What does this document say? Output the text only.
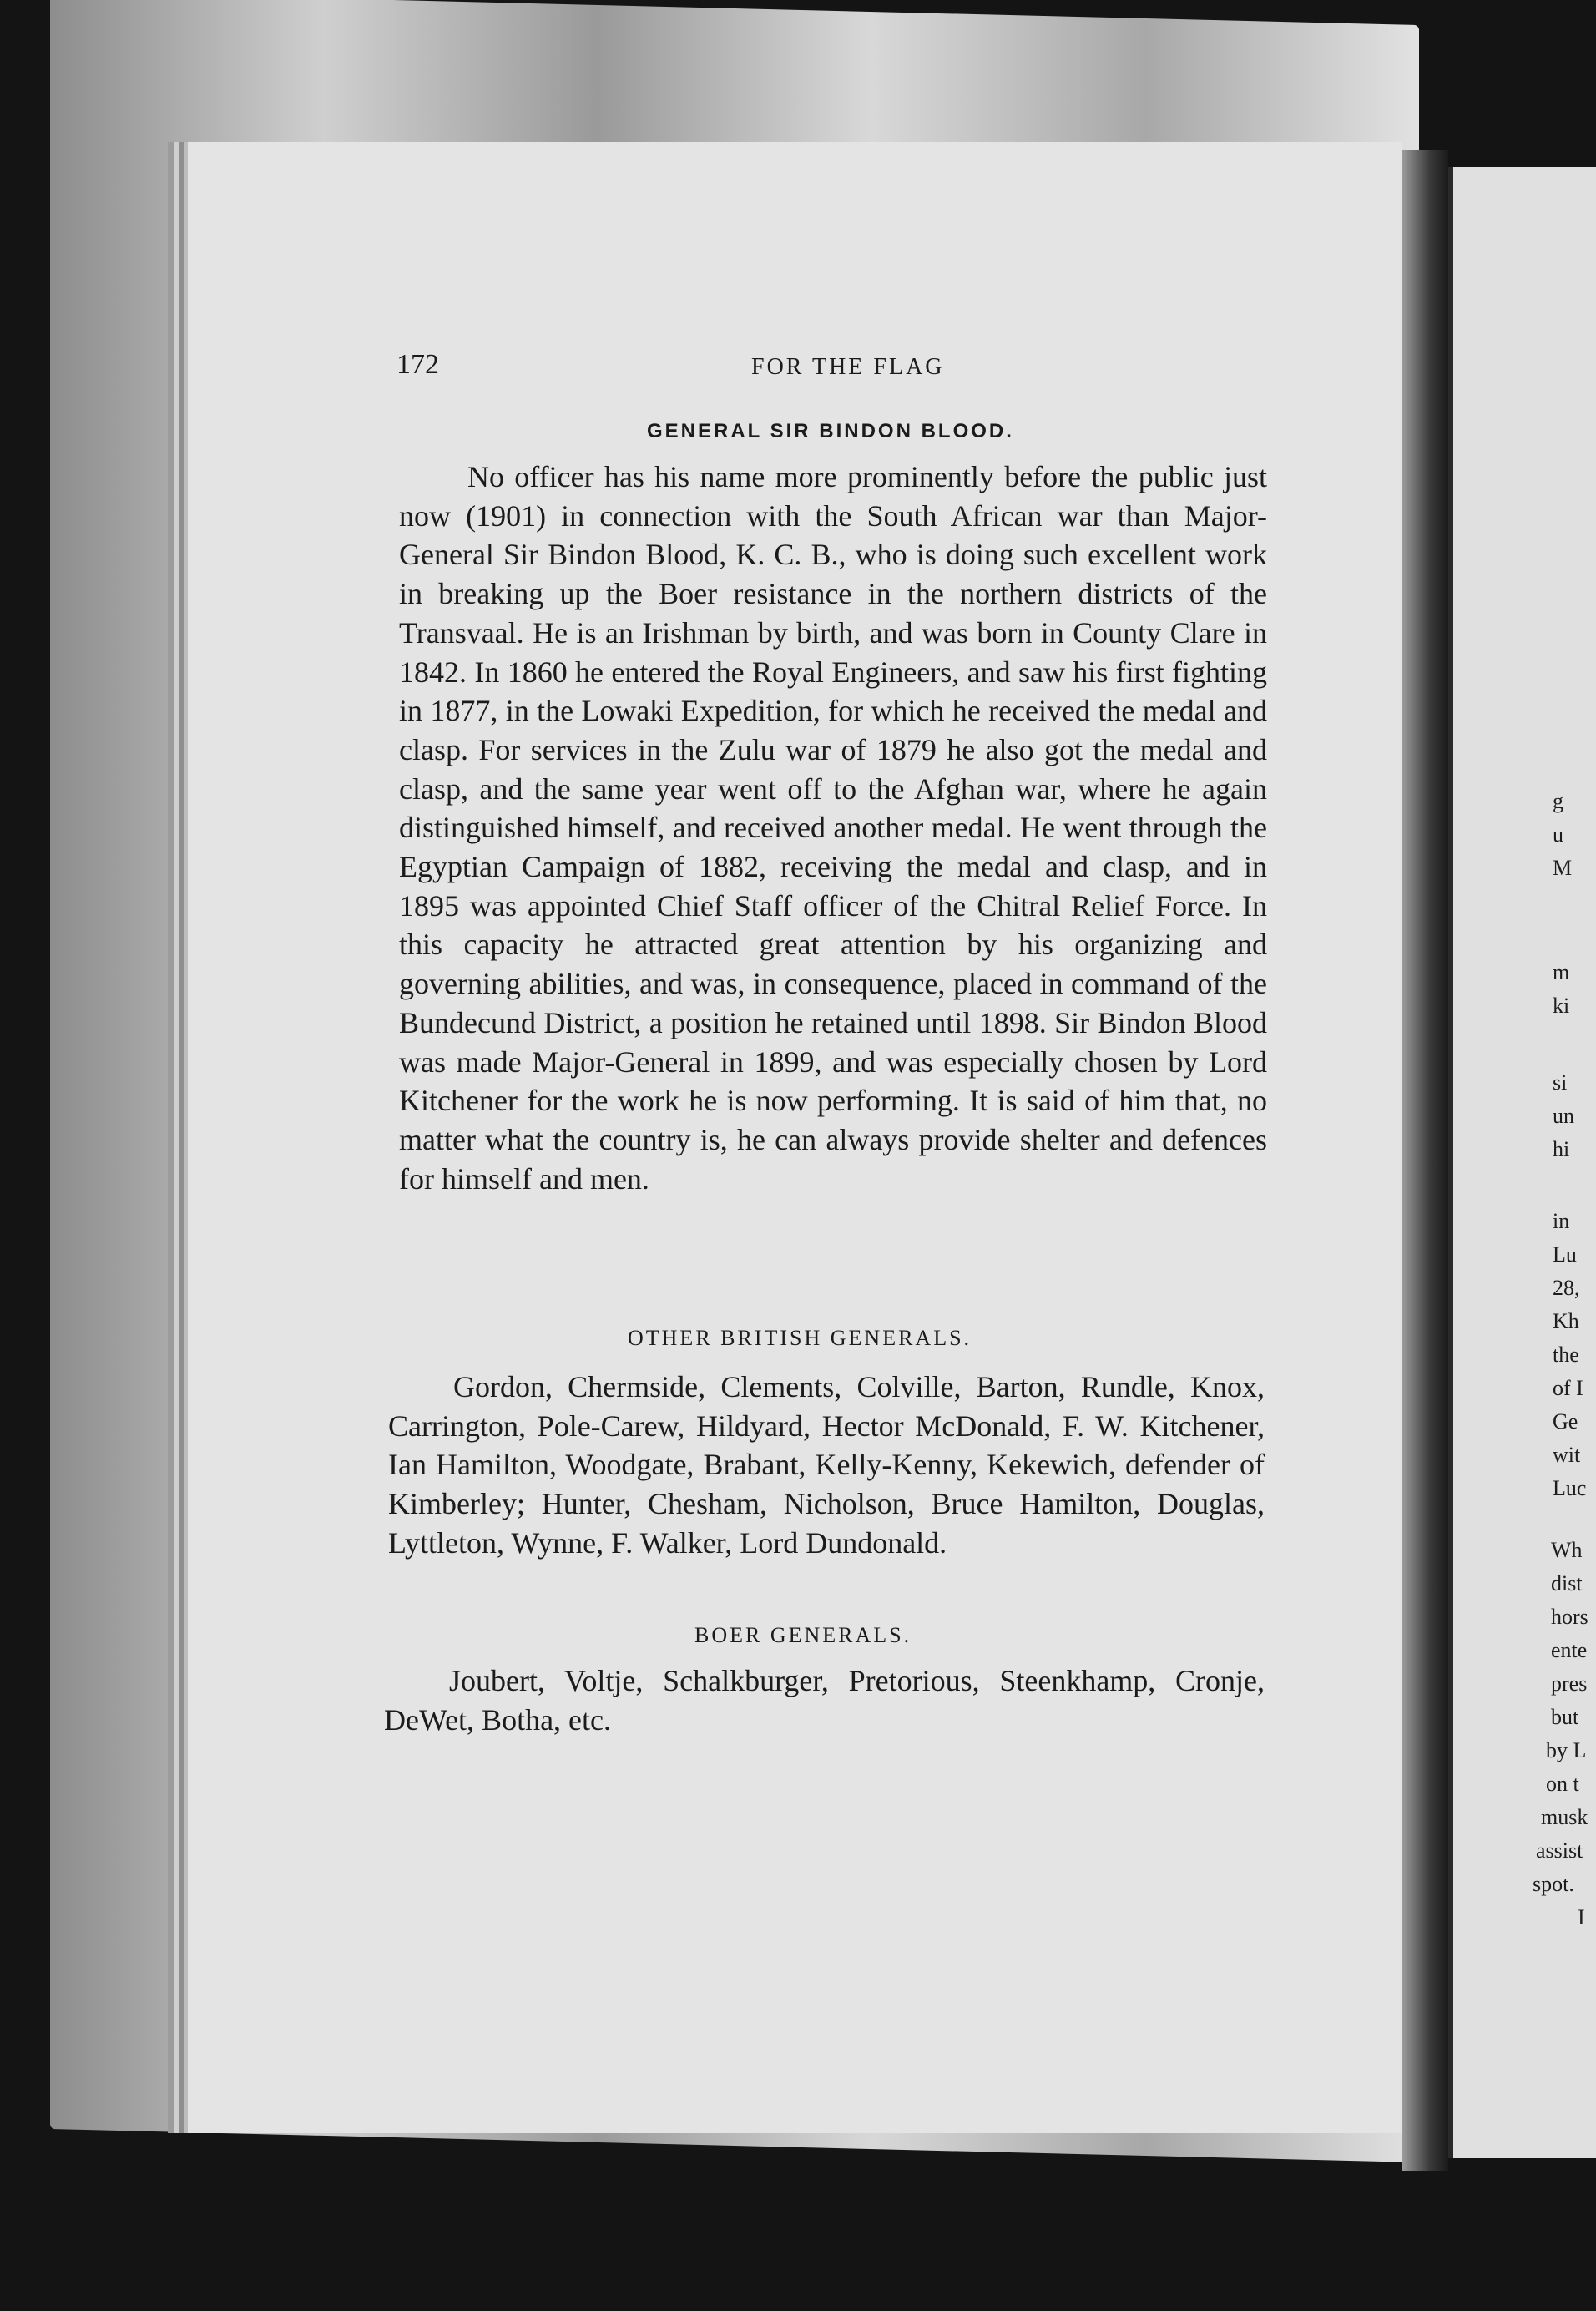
172	FOR THE FLAG
GENERAL SIR BINDON BLOOD.
No officer has his name more prominently before the public just now (1901) in connection with the South African war than Major-General Sir Bindon Blood, K. C. B., who is doing such excellent work in breaking up the Boer resistance in the northern districts of the Transvaal. He is an Irishman by birth, and was born in County Clare in 1842. In 1860 he entered the Royal Engineers, and saw his first fighting in 1877, in the Lowaki Expedition, for which he received the medal and clasp. For services in the Zulu war of 1879 he also got the medal and clasp, and the same year went off to the Afghan war, where he again distinguished himself, and received another medal. He went through the Egyptian Campaign of 1882, receiving the medal and clasp, and in 1895 was appointed Chief Staff officer of the Chitral Relief Force. In this capacity he attracted great attention by his organizing and governing abilities, and was, in consequence, placed in command of the Bundecund District, a position he retained until 1898. Sir Bindon Blood was made Major-General in 1899, and was especially chosen by Lord Kitchener for the work he is now performing. It is said of him that, no matter what the country is, he can always provide shelter and defences for himself and men.
OTHER BRITISH GENERALS.
Gordon, Chermside, Clements, Colville, Barton, Rundle, Knox, Carrington, Pole-Carew, Hildyard, Hector McDonald, F. W. Kitchener, Ian Hamilton, Woodgate, Brabant, Kelly-Kenny, Kekewich, defender of Kimberley; Hunter, Chesham, Nicholson, Bruce Hamilton, Douglas, Lyttleton, Wynne, F. Walker, Lord Dundonald.
BOER GENERALS.
Joubert, Voltje, Schalkburger, Pretorious, Steenkhamp, Cronje, DeWet, Botha, etc.
g
u
M
m
ki
si
un
hi
in
Lu
28,
Kh
the
of I
Ge
wit
Luc
Wh
dist
hors
ente
pres
but
by L
on t
musk
assist
spot.
I
